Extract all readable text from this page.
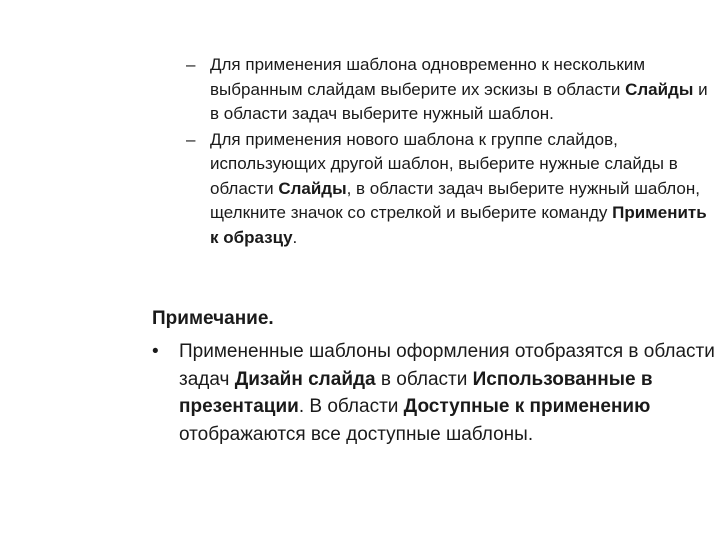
– Для применения шаблона одновременно к нескольким выбранным слайдам выберите их эскизы в области Слайды и в области задач выберите нужный шаблон.
– Для применения нового шаблона к группе слайдов, использующих другой шаблон, выберите нужные слайды в области Слайды, в области задач выберите нужный шаблон, щелкните значок со стрелкой и выберите команду Применить к образцу.

Примечание.

• Примененные шаблоны оформления отобразятся в области задач Дизайн слайда в области Использованные в презентации. В области Доступные к применению отображаются все доступные шаблоны.
